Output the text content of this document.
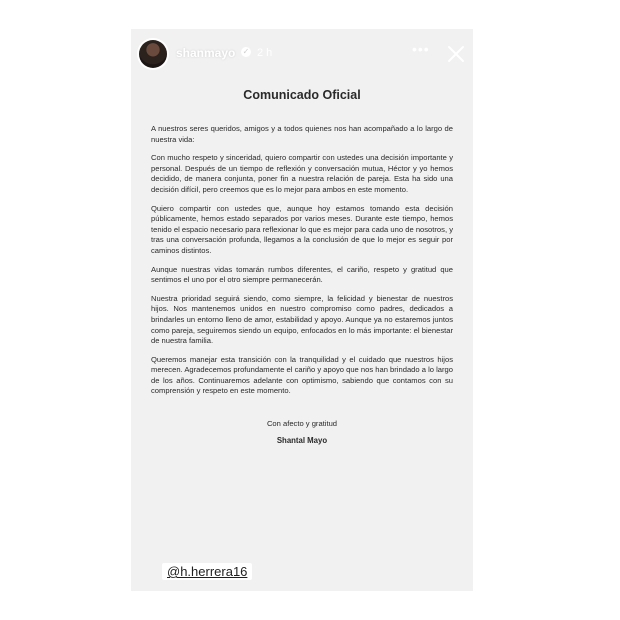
shanmayo ✓ 2 h	•••
Comunicado Oficial

A nuestros seres queridos, amigos y a todos quienes nos han acompañado a lo largo de nuestra vida:

Con mucho respeto y sinceridad, quiero compartir con ustedes una decisión importante y personal. Después de un tiempo de reflexión y conversación mutua, Héctor y yo hemos decidido, de manera conjunta, poner fin a nuestra relación de pareja. Esta ha sido una decisión difícil, pero creemos que es lo mejor para ambos en este momento.

Quiero compartir con ustedes que, aunque hoy estamos tomando esta decisión públicamente, hemos estado separados por varios meses. Durante este tiempo, hemos tenido el espacio necesario para reflexionar lo que es mejor para cada uno de nosotros, y tras una conversación profunda, llegamos a la conclusión de que lo mejor es seguir por caminos distintos.

Aunque nuestras vidas tomarán rumbos diferentes, el cariño, respeto y gratitud que sentimos el uno por el otro siempre permanecerán.

Nuestra prioridad seguirá siendo, como siempre, la felicidad y bienestar de nuestros hijos. Nos mantenemos unidos en nuestro compromiso como padres, dedicados a brindarles un entorno lleno de amor, estabilidad y apoyo. Aunque ya no estaremos juntos como pareja, seguiremos siendo un equipo, enfocados en lo más importante: el bienestar de nuestra familia.

Queremos manejar esta transición con la tranquilidad y el cuidado que nuestros hijos merecen. Agradecemos profundamente el cariño y apoyo que nos han brindado a lo largo de los años. Continuaremos adelante con optimismo, sabiendo que contamos con su comprensión y respeto en este momento.

Con afecto y gratitud
Shantal Mayo
@h.herrera16
